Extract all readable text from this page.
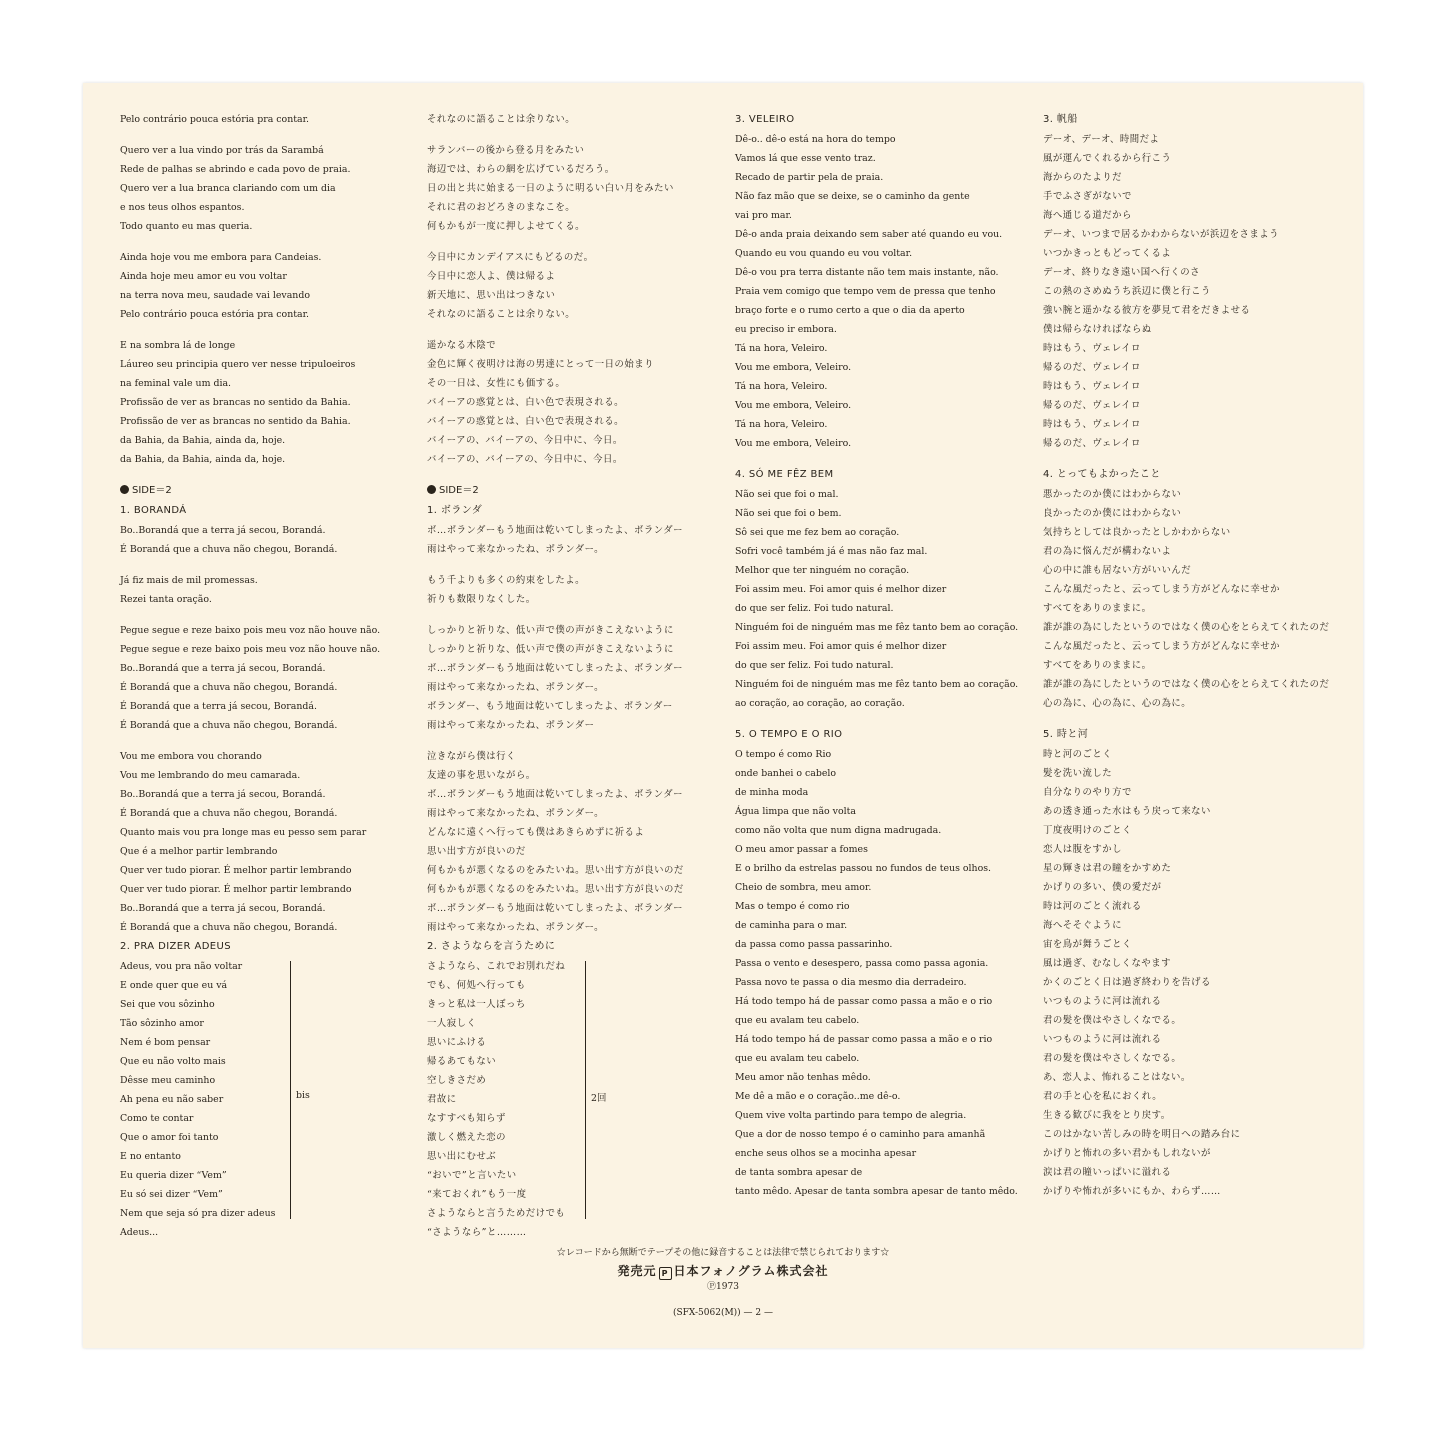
Pelo contrário pouca estória pra contar.
Quero ver a lua vindo por trás da Sarambá
Rede de palhas se abrindo e cada povo de praia.
Quero ver a lua branca clariando com um dia
e nos teus olhos espantos.
Todo quanto eu mas queria.
Ainda hoje vou me embora para Candeias.
Ainda hoje meu amor eu vou voltar
na terra nova meu, saudade vai levando
Pelo contrário pouca estória pra contar.
E na sombra lá de longe
Láureo seu principia quero ver nesse tripuloeiros
na feminal vale um dia.
Profissão de ver as brancas no sentido da Bahia.
Profissão de ver as brancas no sentido da Bahia.
da Bahia, da Bahia, ainda da, hoje.
da Bahia, da Bahia, ainda da, hoje.
SIDE＝2
1. BORANDÁ
Bo..Borandá que a terra já secou, Borandá.
É Borandá que a chuva não chegou, Borandá.
Já fiz mais de mil promessas.
Rezei tanta oração.
Pegue segue e reze baixo pois meu voz não houve não.
Pegue segue e reze baixo pois meu voz não houve não.
Bo..Borandá que a terra já secou, Borandá.
É Borandá que a chuva não chegou, Borandá.
É Borandá que a terra já secou, Borandá.
É Borandá que a chuva não chegou, Borandá.
Vou me embora vou chorando
Vou me lembrando do meu camarada.
Bo..Borandá que a terra já secou, Borandá.
É Borandá que a chuva não chegou, Borandá.
Quanto mais vou pra longe mas eu pesso sem parar
Que é a melhor partir lembrando
Quer ver tudo piorar. É melhor partir lembrando
Quer ver tudo piorar. É melhor partir lembrando
Bo..Borandá que a terra já secou, Borandá.
É Borandá que a chuva não chegou, Borandá.
2. PRA DIZER ADEUS
Adeus, vou pra não voltar
E onde quer que eu vá
Sei que vou sôzinho
Tão sôzinho amor
Nem é bom pensar
Que eu não volto mais
Dêsse meu caminho
Ah pena eu não saber
Como te contar
Que o amor foi tanto
E no entanto
Eu queria dizer “Vem”
Eu só sei dizer “Vem”
Nem que seja só pra dizer adeus
Adeus...
bis
それなのに語ることは余りない。
サランバーの後から登る月をみたい
海辺では、わらの網を広げているだろう。
日の出と共に始まる一日のように明るい白い月をみたい
それに君のおどろきのまなこを。
何もかもが一度に押しよせてくる。
今日中にカンデイアスにもどるのだ。
今日中に恋人よ、僕は帰るよ
新天地に、思い出はつきない
それなのに語ることは余りない。
遥かなる木陰で
金色に輝く夜明けは海の男達にとって一日の始まり
その一日は、女性にも価する。
バイーアの惑覚とは、白い色で表現される。
バイーアの惑覚とは、白い色で表現される。
バイーアの、バイーアの、今日中に、今日。
バイーアの、バイーアの、今日中に、今日。
SIDE＝2
1. ボランダ
ボ…ボランダーもう地面は乾いてしまったよ、ボランダー
雨はやって来なかったね、ボランダー。
もう千よりも多くの約束をしたよ。
祈りも数限りなくした。
しっかりと祈りな、低い声で僕の声がきこえないように
しっかりと祈りな、低い声で僕の声がきこえないように
ボ…ボランダーもう地面は乾いてしまったよ、ボランダー
雨はやって来なかったね、ボランダー。
ボランダー、もう地面は乾いてしまったよ、ボランダー
雨はやって来なかったね、ボランダー
泣きながら僕は行く
友達の事を思いながら。
ボ…ボランダーもう地面は乾いてしまったよ、ボランダー
雨はやって来なかったね、ボランダー。
どんなに遠くへ行っても僕はあきらめずに祈るよ
思い出す方が良いのだ
何もかもが悪くなるのをみたいね。思い出す方が良いのだ
何もかもが悪くなるのをみたいね。思い出す方が良いのだ
ボ…ボランダーもう地面は乾いてしまったよ、ボランダー
雨はやって来なかったね、ボランダー。
2. さようならを言うために
さようなら、これでお別れだね
でも、何処へ行っても
きっと私は一人ぼっち
一人寂しく
思いにふける
帰るあてもない
空しきさだめ
君故に
なすすべも知らず
激しく燃えた恋の
思い出にむせぶ
“おいで”と言いたい
“来ておくれ”もう一度
さようならと言うためだけでも
“さようなら”と………
2回
3. VELEIRO
Dê-o.. dê-o está na hora do tempo
Vamos lá que esse vento traz.
Recado de partir pela de praia.
Não faz mão que se deixe, se o caminho da gente
vai pro mar.
Dê-o anda praia deixando sem saber até quando eu vou.
Quando eu vou quando eu vou voltar.
Dê-o vou pra terra distante não tem mais instante, não.
Praia vem comigo que tempo vem de pressa que tenho
braço forte e o rumo certo a que o dia da aperto
eu preciso ir embora.
Tá na hora, Veleiro.
Vou me embora, Veleiro.
Tá na hora, Veleiro.
Vou me embora, Veleiro.
Tá na hora, Veleiro.
Vou me embora, Veleiro.
4. SÓ ME FÊZ BEM
Não sei que foi o mal.
Não sei que foi o bem.
Sô sei que me fez bem ao coração.
Sofri você também já é mas não faz mal.
Melhor que ter ninguém no coração.
Foi assim meu. Foi amor quis é melhor dizer
do que ser feliz. Foi tudo natural.
Ninguém foi de ninguém mas me fêz tanto bem ao coração.
Foi assim meu. Foi amor quis é melhor dizer
do que ser feliz. Foi tudo natural.
Ninguém foi de ninguém mas me fêz tanto bem ao coração.
ao coração, ao coração, ao coração.
5. O TEMPO E O RIO
O tempo é como Rio
onde banhei o cabelo
de minha moda
Água limpa que não volta
como não volta que num digna madrugada.
O meu amor passar a fomes
E o brilho da estrelas passou no fundos de teus olhos.
Cheio de sombra, meu amor.
Mas o tempo é como rio
de caminha para o mar.
da passa como passa passarinho.
Passa o vento e desespero, passa como passa agonia.
Passa novo te passa o dia mesmo dia derradeiro.
Há todo tempo há de passar como passa a mão e o rio
que eu avalam teu cabelo.
Há todo tempo há de passar como passa a mão e o rio
que eu avalam teu cabelo.
Meu amor não tenhas mêdo.
Me dê a mão e o coração..me dê-o.
Quem vive volta partindo para tempo de alegria.
Que a dor de nosso tempo é o caminho para amanhã
enche seus olhos se a mocinha apesar
de tanta sombra apesar de
tanto mêdo. Apesar de tanta sombra apesar de tanto mêdo.
3. 帆船
デーオ、デーオ、時間だよ
風が運んでくれるから行こう
海からのたよりだ
手でふさぎがないで
海へ通じる道だから
デーオ、いつまで居るかわからないが浜辺をさまよう
いつかきっともどってくるよ
デーオ、終りなき遠い国へ行くのさ
この熱のさめぬうち浜辺に僕と行こう
強い腕と遥かなる彼方を夢見て君をだきよせる
僕は帰らなければならぬ
時はもう、ヴェレイロ
帰るのだ、ヴェレイロ
時はもう、ヴェレイロ
帰るのだ、ヴェレイロ
時はもう、ヴェレイロ
帰るのだ、ヴェレイロ
4. とってもよかったこと
悪かったのか僕にはわからない
良かったのか僕にはわからない
気持ちとしては良かったとしかわからない
君の為に悩んだが構わないよ
心の中に誰も居ない方がいいんだ
こんな風だったと、云ってしまう方がどんなに幸せか
すべてをありのままに。
誰が誰の為にしたというのではなく僕の心をとらえてくれたのだ
こんな風だったと、云ってしまう方がどんなに幸せか
すべてをありのままに。
誰が誰の為にしたというのではなく僕の心をとらえてくれたのだ
心の為に、心の為に、心の為に。
5. 時と河
時と河のごとく
髪を洗い流した
自分なりのやり方で
あの透き通った水はもう戻って来ない
丁度夜明けのごとく
恋人は腹をすかし
星の輝きは君の瞳をかすめた
かげりの多い、僕の愛だが
時は河のごとく流れる
海へそそぐように
宙を鳥が舞うごとく
風は過ぎ、むなしくなやます
かくのごとく日は過ぎ終わりを告げる
いつものように河は流れる
君の髪を僕はやさしくなでる。
いつものように河は流れる
君の髪を僕はやさしくなでる。
あ、恋人よ、怖れることはない。
君の手と心を私におくれ。
生きる歓びに我をとり戻す。
このはかない苦しみの時を明日への踏み台に
かげりと怖れの多い君かもしれないが
涙は君の瞳いっぱいに溢れる
かげりや怖れが多いにもか、わらず……
☆レコードから無断でテープその他に録音することは法律で禁じられております☆
発売元 P 日本フォノグラム株式会社
Ⓟ1973
(SFX-5062(M)) — 2 —
